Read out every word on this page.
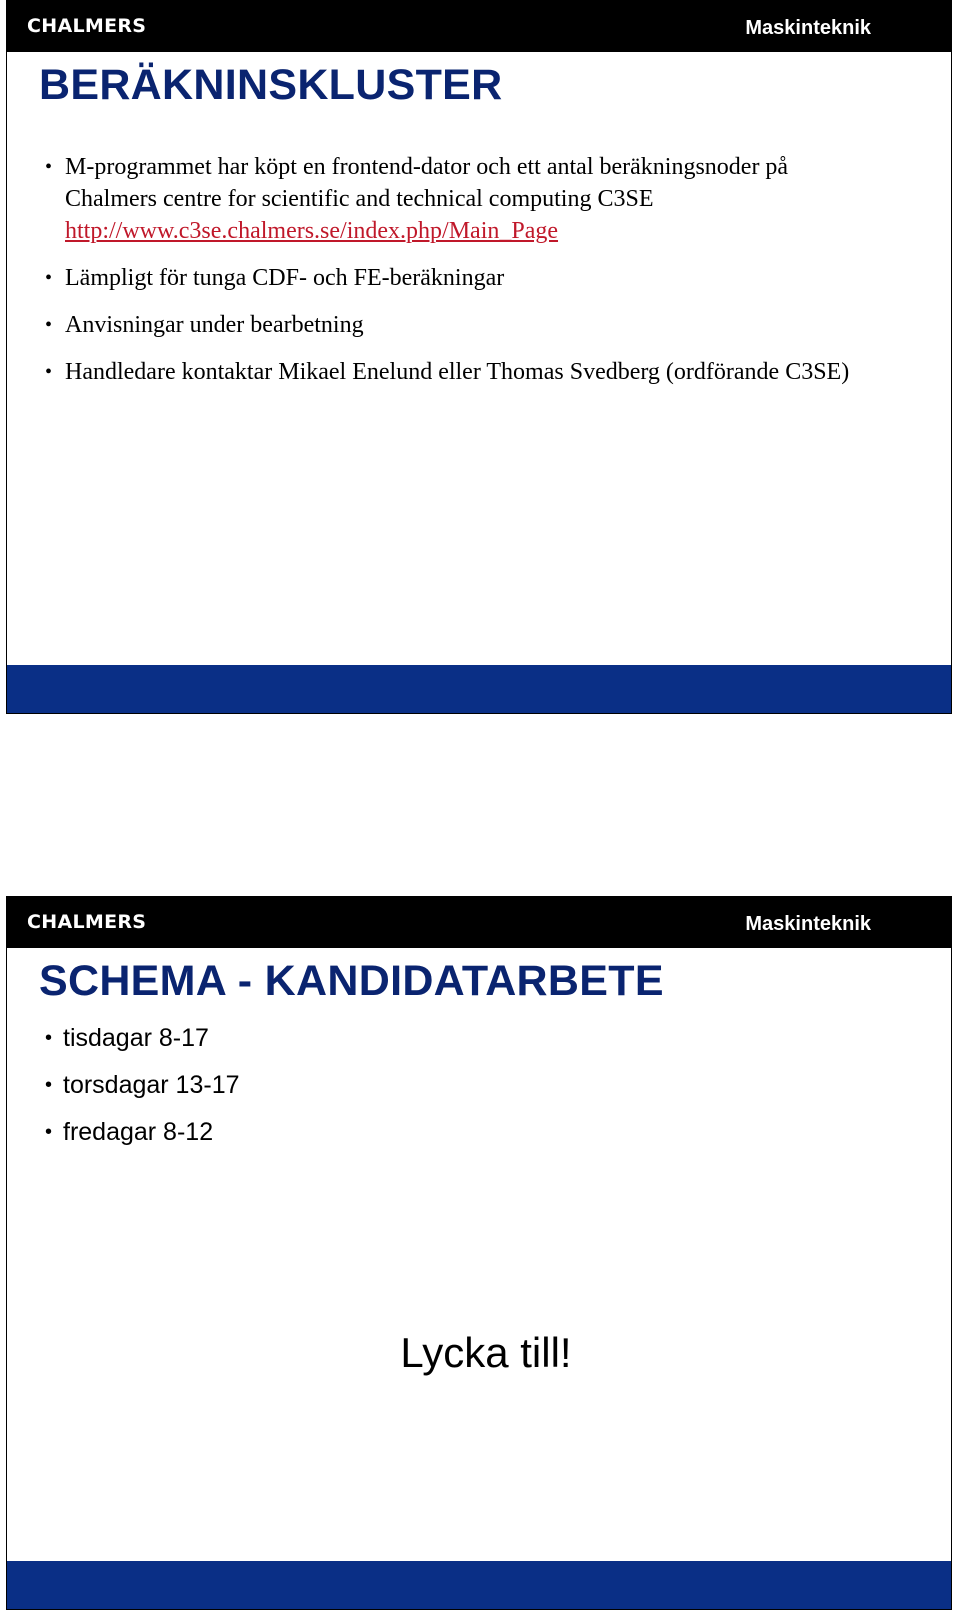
CHALMERS	Maskinteknik
BERÄKNINSKLUSTER
• M-programmet har köpt en frontend-dator och ett antal beräkningsnoder på
Chalmers centre for scientific and technical computing C3SE
http://www.c3se.chalmers.se/index.php/Main_Page
• Lämpligt för tunga CDF- och FE-beräkningar
• Anvisningar under bearbetning
• Handledare kontaktar Mikael Enelund eller Thomas Svedberg (ordförande C3SE)
CHALMERS	Maskinteknik
SCHEMA - KANDIDATARBETE
• tisdagar 8-17
• torsdagar 13-17
• fredagar 8-12
Lycka till!
